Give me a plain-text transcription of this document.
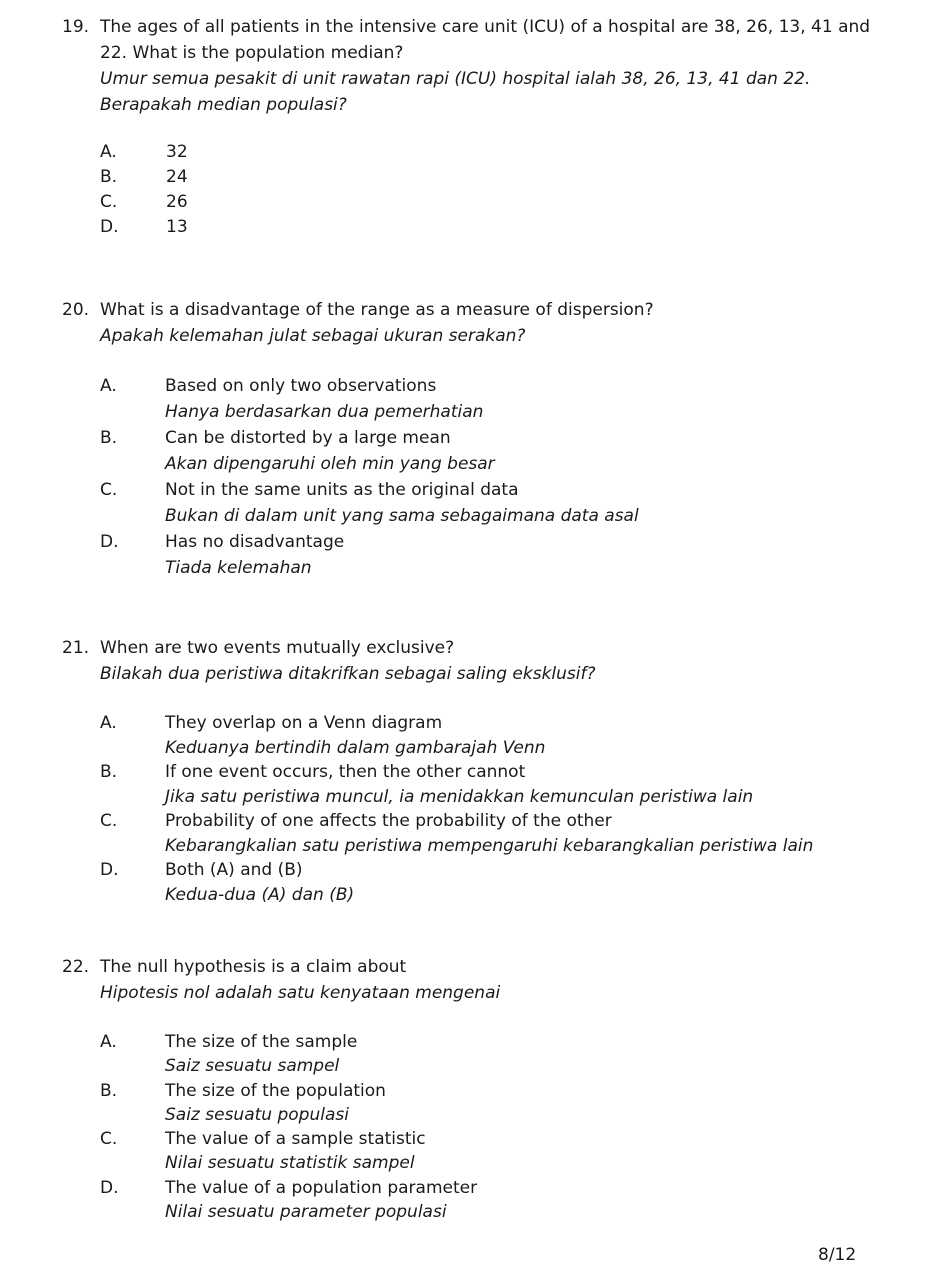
19. The ages of all patients in the intensive care unit (ICU) of a hospital are 38, 26, 13, 41 and 22. What is the population median?
Umur semua pesakit di unit rawatan rapi (ICU) hospital ialah 38, 26, 13, 41 dan 22. Berapakah median populasi?
A.	32
B.	24
C.	26
D.	13
20. What is a disadvantage of the range as a measure of dispersion?
Apakah kelemahan julat sebagai ukuran serakan?
A.	Based on only two observations
Hanya berdasarkan dua pemerhatian
B.	Can be distorted by a large mean
Akan dipengaruhi oleh min yang besar
C.	Not in the same units as the original data
Bukan di dalam unit yang sama sebagaimana data asal
D.	Has no disadvantage
Tiada kelemahan
21. When are two events mutually exclusive?
Bilakah dua peristiwa ditakrifkan sebagai saling eksklusif?
A.	They overlap on a Venn diagram
Keduanya bertindih dalam gambarajah Venn
B.	If one event occurs, then the other cannot
Jika satu peristiwa muncul, ia menidakkan kemunculan peristiwa lain
C.	Probability of one affects the probability of the other
Kebarangkalian satu peristiwa mempengaruhi kebarangkalian peristiwa lain
D.	Both (A) and (B)
Kedua-dua (A) dan (B)
22. The null hypothesis is a claim about
Hipotesis nol adalah satu kenyataan mengenai
A.	The size of the sample
Saiz sesuatu sampel
B.	The size of the population
Saiz sesuatu populasi
C.	The value of a sample statistic
Nilai sesuatu statistik sampel
D.	The value of a population parameter
Nilai sesuatu parameter populasi
8/12
